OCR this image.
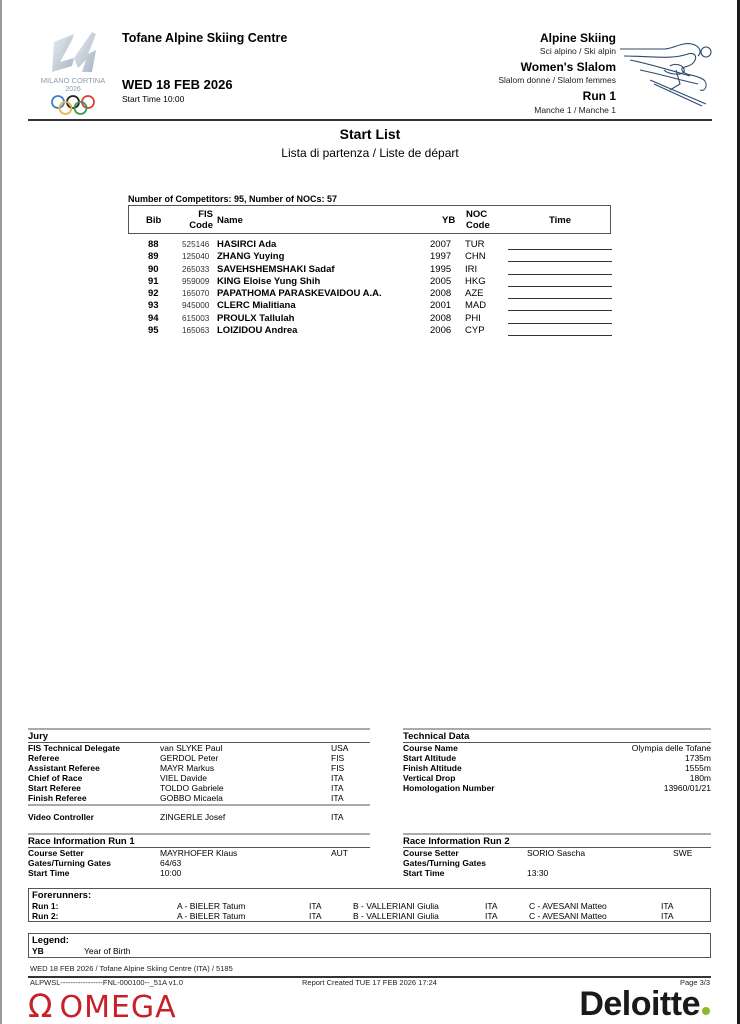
MILANO CORTINA
2026
Tofane Alpine Skiing Centre
WED 18 FEB 2026
Start Time 10:00
Alpine Skiing
Sci alpino / Ski alpin
Women's Slalom
Slalom donne / Slalom femmes
Run 1
Manche 1 / Manche 1
Start List
Lista di partenza / Liste de départ
Number of Competitors: 95, Number of NOCs: 57
Bib
FIS
Code Name	YB
NOC
Code	Time
88	525146 HASIRCI Ada	2007 TUR
89	125040 ZHANG Yuying	1997 CHN
90	265033 SAVEHSHEMSHAKI Sadaf	1995 IRI
91	959009 KING Eloise Yung Shih	2005 HKG
92	165070 PAPATHOMA PARASKEVAIDOU A.A.	2008 AZE
93	945000 CLERC Mialitiana	2001 MAD
94	615003 PROULX Tallulah	2008 PHI
95	165063 LOIZIDOU Andrea	2006 CYP
Jury
FIS Technical Delegate	van SLYKE Paul	USA
Referee	GERDOL Peter	FIS
Assistant Referee	MAYR Markus	FIS
Chief of Race	VIEL Davide	ITA
Start Referee	TOLDO Gabriele	ITA
Finish Referee	GOBBO Micaela	ITA
Video Controller	ZINGERLE Josef	ITA
Technical Data
Course Name	Olympia delle Tofane
Start Altitude	1735m
Finish Altitude	1555m
Vertical Drop	180m
Homologation Number	13960/01/21
Race Information Run 1
Course Setter	MAYRHOFER Klaus	AUT
Gates/Turning Gates	64/63
Start Time	10:00
Race Information Run 2
Course Setter	SORIO Sascha	SWE
Gates/Turning Gates
Start Time	13:30
Forerunners:
Run 1:	A - BIELER Tatum	ITA	B - VALLERIANI Giulia	ITA	C - AVESANI Matteo	ITA
Run 2:	A - BIELER Tatum	ITA	B - VALLERIANI Giulia	ITA	C - AVESANI Matteo	ITA
Legend:
YB	Year of Birth
WED 18 FEB 2026 / Tofane Alpine Skiing Centre (ITA) / 5185
ALPWSL-----------------FNL-000100--_51A v1.0	Report Created TUE 17 FEB 2026 17:24	Page 3/3
Ω OMEGA	Deloitte
